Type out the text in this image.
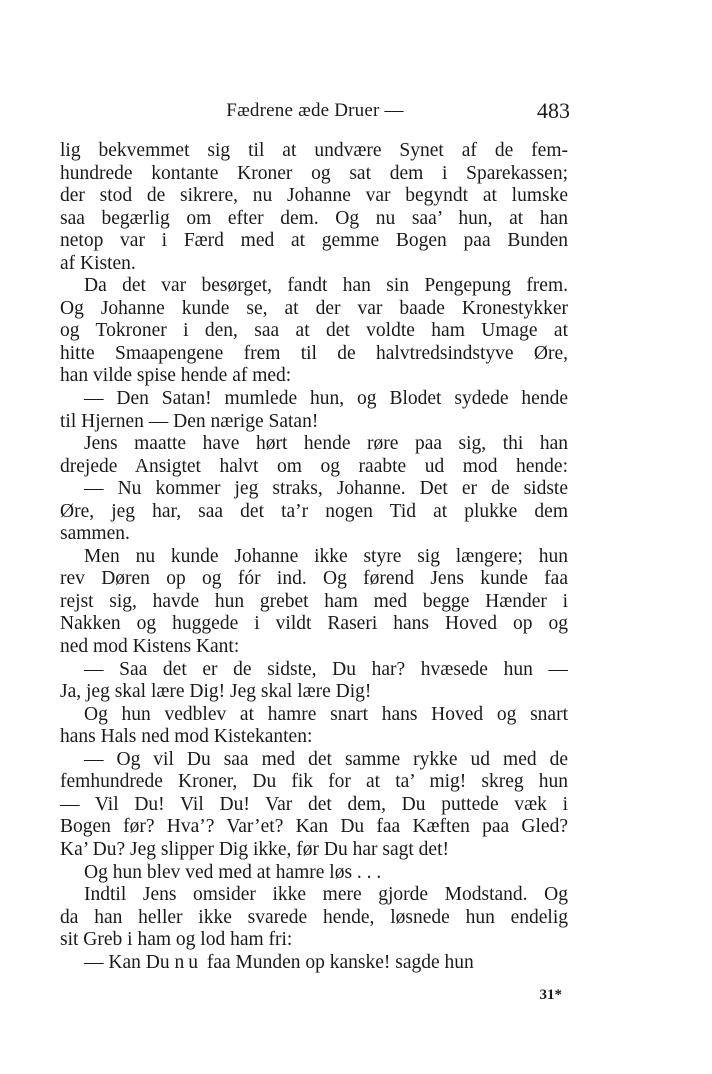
Fædrene æde Druer —	483
lig bekvemmet sig til at undvære Synet af de fem-
hundrede kontante Kroner og sat dem i Sparekassen;
der stod de sikrere, nu Johanne var begyndt at lumske
saa begærlig om efter dem. Og nu saa’ hun, at han
netop var i Færd med at gemme Bogen paa Bunden
af Kisten.
Da det var besørget, fandt han sin Pengepung frem.
Og Johanne kunde se, at der var baade Kronestykker
og Tokroner i den, saa at det voldte ham Umage at
hitte Smaapengene frem til de halvtredsindstyve Øre,
han vilde spise hende af med:
— Den Satan! mumlede hun, og Blodet sydede hende
til Hjernen — Den nærige Satan!
Jens maatte have hørt hende røre paa sig, thi han
drejede Ansigtet halvt om og raabte ud mod hende:
— Nu kommer jeg straks, Johanne. Det er de sidste
Øre, jeg har, saa det ta’r nogen Tid at plukke dem
sammen.
Men nu kunde Johanne ikke styre sig længere; hun
rev Døren op og fór ind. Og førend Jens kunde faa
rejst sig, havde hun grebet ham med begge Hænder i
Nakken og huggede i vildt Raseri hans Hoved op og
ned mod Kistens Kant:
— Saa det er de sidste, Du har? hvæsede hun —
Ja, jeg skal lære Dig! Jeg skal lære Dig!
Og hun vedblev at hamre snart hans Hoved og snart
hans Hals ned mod Kistekanten:
— Og vil Du saa med det samme rykke ud med de
femhundrede Kroner, Du fik for at ta’ mig! skreg hun
— Vil Du! Vil Du! Var det dem, Du puttede væk i
Bogen før? Hva’? Var’et? Kan Du faa Kæften paa Gled?
Ka’ Du? Jeg slipper Dig ikke, før Du har sagt det!
Og hun blev ved med at hamre løs . . .
Indtil Jens omsider ikke mere gjorde Modstand. Og
da han heller ikke svarede hende, løsnede hun endelig
sit Greb i ham og lod ham fri:
— Kan Du nu faa Munden op kanske! sagde hun
31*
